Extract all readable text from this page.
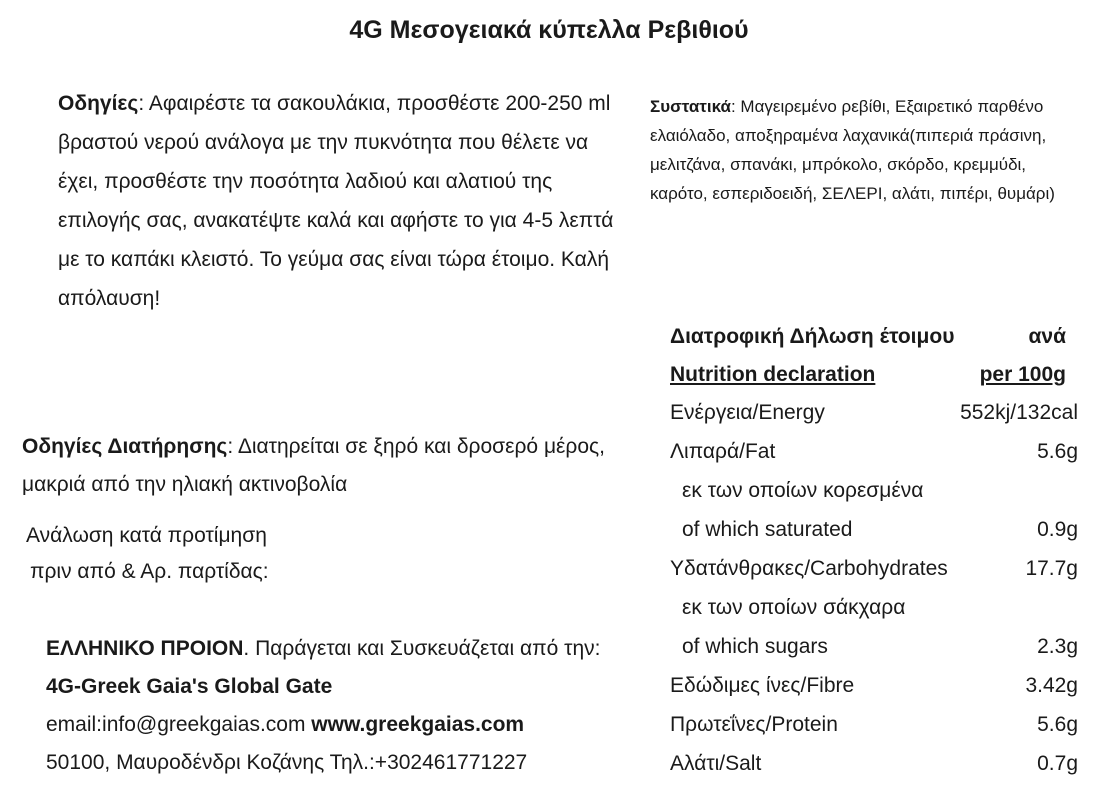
4G Μεσογειακά κύπελλα Ρεβιθιού
Οδηγίες: Αφαιρέστε τα σακουλάκια, προσθέστε 200-250 ml βραστού νερού ανάλογα με την πυκνότητα που θέλετε να έχει, προσθέστε την ποσότητα λαδιού και αλατιού της επιλογής σας, ανακατέψτε καλά και αφήστε το για 4-5 λεπτά με το καπάκι κλειστό. Το γεύμα σας είναι τώρα έτοιμο. Καλή απόλαυση!
Οδηγίες Διατήρησης: Διατηρείται σε ξηρό και δροσερό μέρος, μακριά από την ηλιακή ακτινοβολία
Ανάλωση κατά προτίμηση
πριν από & Αρ. παρτίδας:
ΕΛΛΗΝΙΚΟ ΠΡΟΙΟΝ. Παράγεται και Συσκευάζεται από την:  4G-Greek Gaia's Global Gate
email:info@greekgaias.com www.greekgaias.com
50100, Μαυροδένδρι Κοζάνης Τηλ.:+302461771227
Συστατικά: Μαγειρεμένο ρεβίθι, Εξαιρετικό παρθένο ελαιόλαδο, αποξηραμένα λαχανικά(πιπεριά πράσινη, μελιτζάνα, σπανάκι, μπρόκολο, σκόρδο, κρεμμύδι, καρότο, εσπεριδοειδή, ΣΕΛΕΡΙ, αλάτι, πιπέρι, θυμάρι)
Διατροφική Δήλωση έτοιμου	ανά
Nutrition declaration	per 100g
Ενέργεια/Energy	552kj/132cal
Λιπαρά/Fat	5.6g
εκ των οποίων κορεσμένα
of which saturated	0.9g
Υδατάνθρακες/Carbohydrates	17.7g
εκ των οποίων σάκχαρα
of which sugars	2.3g
Εδώδιμες ίνες/Fibre	3.42g
Πρωτεΐνες/Protein	5.6g
Αλάτι/Salt	0.7g
